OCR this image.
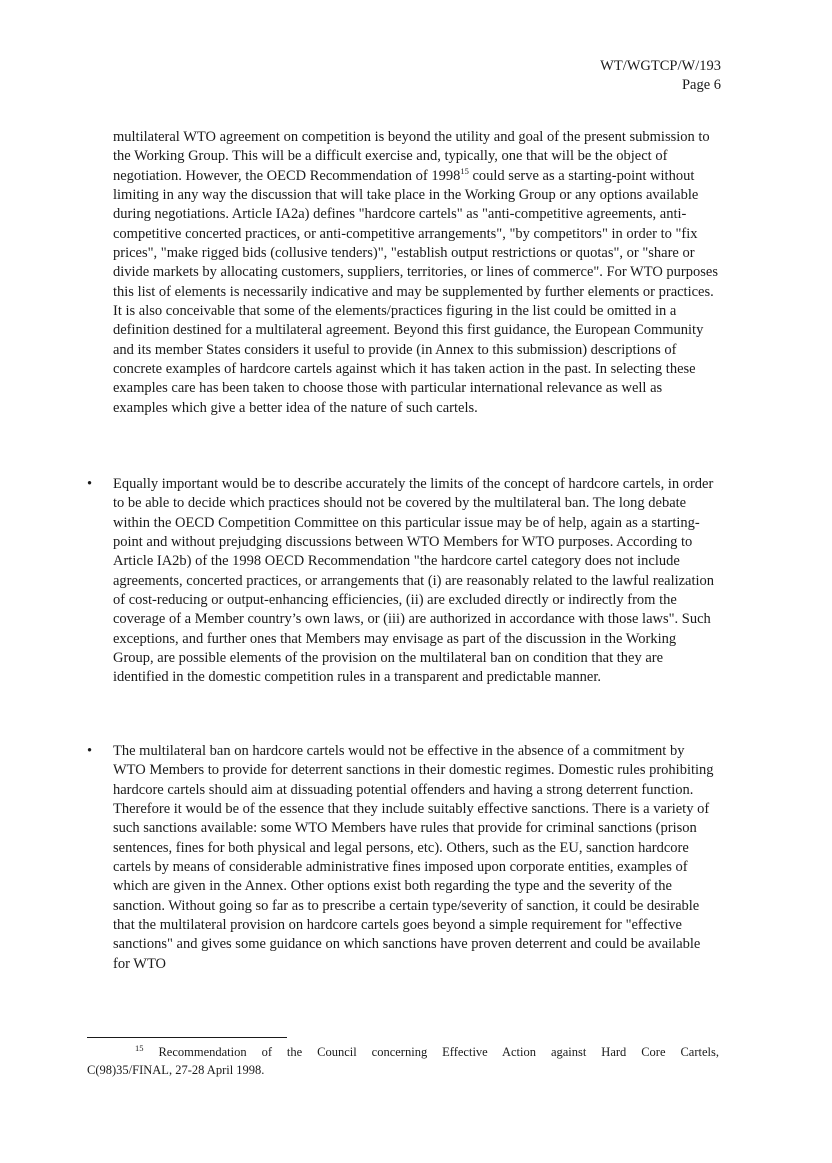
WT/WGTCP/W/193
Page 6

multilateral WTO agreement on competition is beyond the utility and goal of the present submission to the Working Group. This will be a difficult exercise and, typically, one that will be the object of negotiation. However, the OECD Recommendation of 1998$^{15}$ could serve as a starting-point without limiting in any way the discussion that will take place in the Working Group or any options available during negotiations. Article IA2a) defines "hardcore cartels" as "anti-competitive agreements, anti-competitive concerted practices, or anti-competitive arrangements", "by competitors" in order to "fix prices", "make rigged bids (collusive tenders)", "establish output restrictions or quotas", or "share or divide markets by allocating customers, suppliers, territories, or lines of commerce". For WTO purposes this list of elements is necessarily indicative and may be supplemented by further elements or practices. It is also conceivable that some of the elements/practices figuring in the list could be omitted in a definition destined for a multilateral agreement. Beyond this first guidance, the European Community and its member States considers it useful to provide (in Annex to this submission) descriptions of concrete examples of hardcore cartels against which it has taken action in the past. In selecting these examples care has been taken to choose those with particular international relevance as well as examples which give a better idea of the nature of such cartels.

•	Equally important would be to describe accurately the limits of the concept of hardcore cartels, in order to be able to decide which practices should not be covered by the multilateral ban. The long debate within the OECD Competition Committee on this particular issue may be of help, again as a starting-point and without prejudging discussions between WTO Members for WTO purposes. According to Article IA2b) of the 1998 OECD Recommendation "the hardcore cartel category does not include agreements, concerted practices, or arrangements that (i) are reasonably related to the lawful realization of cost-reducing or output-enhancing efficiencies, (ii) are excluded directly or indirectly from the coverage of a Member country’s own laws, or (iii) are authorized in accordance with those laws". Such exceptions, and further ones that Members may envisage as part of the discussion in the Working Group, are possible elements of the provision on the multilateral ban on condition that they are identified in the domestic competition rules in a transparent and predictable manner.
•	The multilateral ban on hardcore cartels would not be effective in the absence of a commitment by WTO Members to provide for deterrent sanctions in their domestic regimes. Domestic rules prohibiting hardcore cartels should aim at dissuading potential offenders and having a strong deterrent function. Therefore it would be of the essence that they include suitably effective sanctions. There is a variety of such sanctions available: some WTO Members have rules that provide for criminal sanctions (prison sentences, fines for both physical and legal persons, etc). Others, such as the EU, sanction hardcore cartels by means of considerable administrative fines imposed upon corporate entities, examples of which are given in the Annex. Other options exist both regarding the type and the severity of the sanction. Without going so far as to prescribe a certain type/severity of sanction, it could be desirable that the multilateral provision on hardcore cartels goes beyond a simple requirement for "effective sanctions" and gives some guidance on which sanctions have proven deterrent and could be available for WTO
$^{15}$ Recommendation of the Council concerning Effective Action against Hard Core Cartels,
C(98)35/FINAL, 27-28 April 1998.
